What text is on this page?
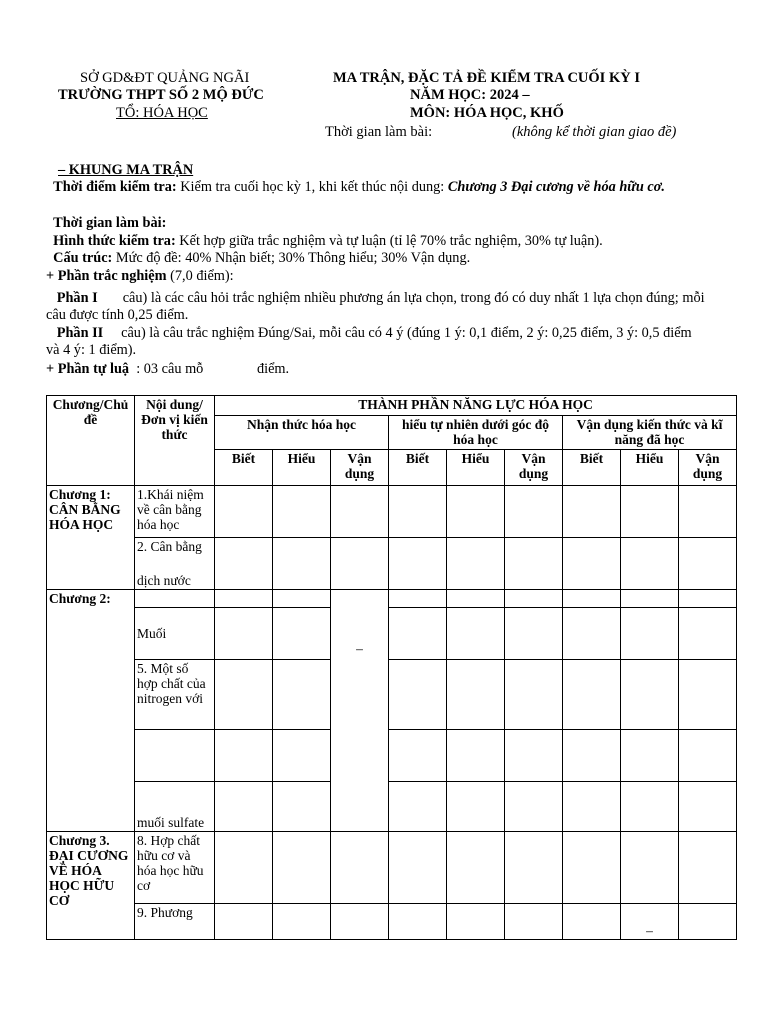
SỞ GD&ĐT QUẢNG NGÃI
TRƯỜNG THPT SỐ 2 MỘ ĐỨC
TỔ: HÓA HỌC
MA TRẬN, ĐẶC TẢ ĐỀ KIỂM TRA CUỐI KỲ I
NĂM HỌC: 2024 –
MÔN: HÓA HỌC, KHỐ
Thời gian làm bài:	(không kể thời gian giao đề)
– KHUNG MA TRẬN
Thời điểm kiểm tra: Kiểm tra cuối học kỳ 1, khi kết thúc nội dung: Chương 3 Đại cương về hóa hữu cơ.
Thời gian làm bài:
Hình thức kiểm tra: Kết hợp giữa trắc nghiệm và tự luận (tỉ lệ 70% trắc nghiệm, 30% tự luận).
Cấu trúc: Mức độ đề: 40% Nhận biết; 30% Thông hiểu; 30% Vận dụng.
+ Phần trắc nghiệm (7,0 điểm):
Phần I câu) là các câu hỏi trắc nghiệm nhiều phương án lựa chọn, trong đó có duy nhất 1 lựa chọn đúng; mỗi câu được tính 0,25 điểm.
Phần II câu) là câu trắc nghiệm Đúng/Sai, mỗi câu có 4 ý (đúng 1 ý: 0,1 điểm, 2 ý: 0,25 điểm, 3 ý: 0,5 điểm và 4 ý: 1 điểm).
+ Phần tự luậ : 03 câu mỗ	điểm.
Chương/Chủ đề	Nội dung/ Đơn vị kiến thức	THÀNH PHẦN NĂNG LỰC HÓA HỌC								
		Nhận thức hóa học			hiểu tự nhiên dưới góc độ hóa học			Vận dụng kiến thức và kĩ năng đã học		
		Biết	Hiểu	Vận dụng	Biết	Hiểu	Vận dụng	Biết	Hiểu	Vận dụng
Chương 1: CÂN BẰNG HÓA HỌC	1.Khái niệm về cân bằng hóa học									

	2. Cân bằng
dịch nước									

Chương 2:				–						

	Muối									
	5. Một số hợp chất của nitrogen với									

	muối sulfate									
Chương 3. ĐẠI CƯƠNG VỀ HÓA HỌC HỮU CƠ	8. Hợp chất hữu cơ và hóa học hữu cơ									
	9. Phương								–	
